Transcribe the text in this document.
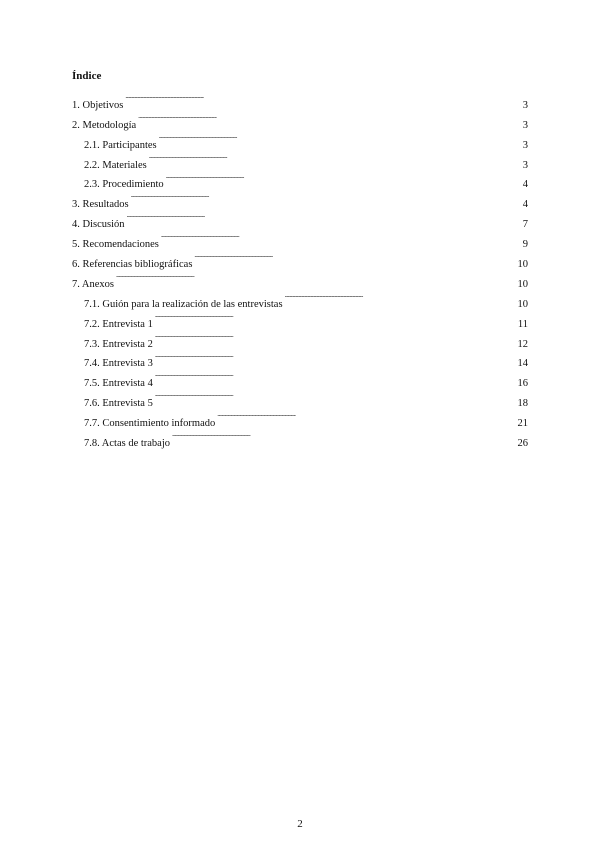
Índice
1. Objetivos . . .	3
2. Metodología . . .	3
2.1. Participantes . . .	3
2.2. Materiales . . .	3
2.3. Procedimiento . . .	4
3. Resultados . . .	4
4. Discusión . . .	7
5. Recomendaciones . . .	9
6. Referencias bibliográficas . . .	10
7. Anexos . . .	10
7.1. Guión para la realización de las entrevistas . . .	10
7.2. Entrevista 1 . . .	11
7.3. Entrevista 2 . . .	12
7.4. Entrevista 3 . . .	14
7.5. Entrevista 4 . . .	16
7.6. Entrevista 5 . . .	18
7.7. Consentimiento informado . . .	21
7.8. Actas de trabajo . . .	26

2
